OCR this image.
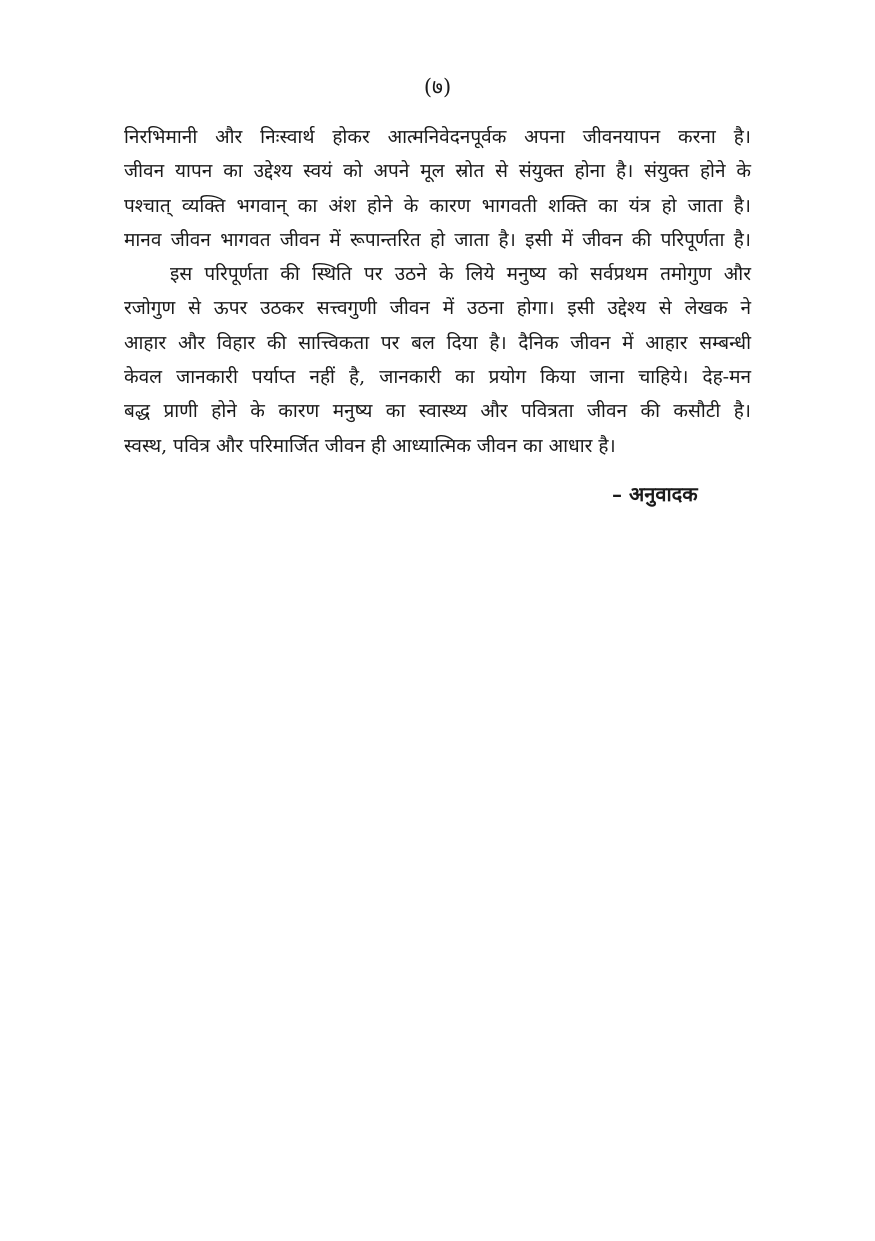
(७)
निरभिमानी और निःस्वार्थ होकर आत्मनिवेदनपूर्वक अपना जीवनयापन करना है।
जीवन यापन का उद्देश्य स्वयं को अपने मूल स्रोत से संयुक्त होना है। संयुक्त होने के
पश्चात् व्यक्ति भगवान् का अंश होने के कारण भागवती शक्ति का यंत्र हो जाता है।
मानव जीवन भागवत जीवन में रूपान्तरित हो जाता है। इसी में जीवन की परिपूर्णता है।
इस परिपूर्णता की स्थिति पर उठने के लिये मनुष्य को सर्वप्रथम तमोगुण और
रजोगुण से ऊपर उठकर सत्त्वगुणी जीवन में उठना होगा। इसी उद्देश्य से लेखक ने
आहार और विहार की सात्त्विकता पर बल दिया है। दैनिक जीवन में आहार सम्बन्धी
केवल जानकारी पर्याप्त नहीं है, जानकारी का प्रयोग किया जाना चाहिये। देह-मन
बद्ध प्राणी होने के कारण मनुष्य का स्वास्थ्य और पवित्रता जीवन की कसौटी है।
स्वस्थ, पवित्र और परिमार्जित जीवन ही आध्यात्मिक जीवन का आधार है।
– अनुवादक
